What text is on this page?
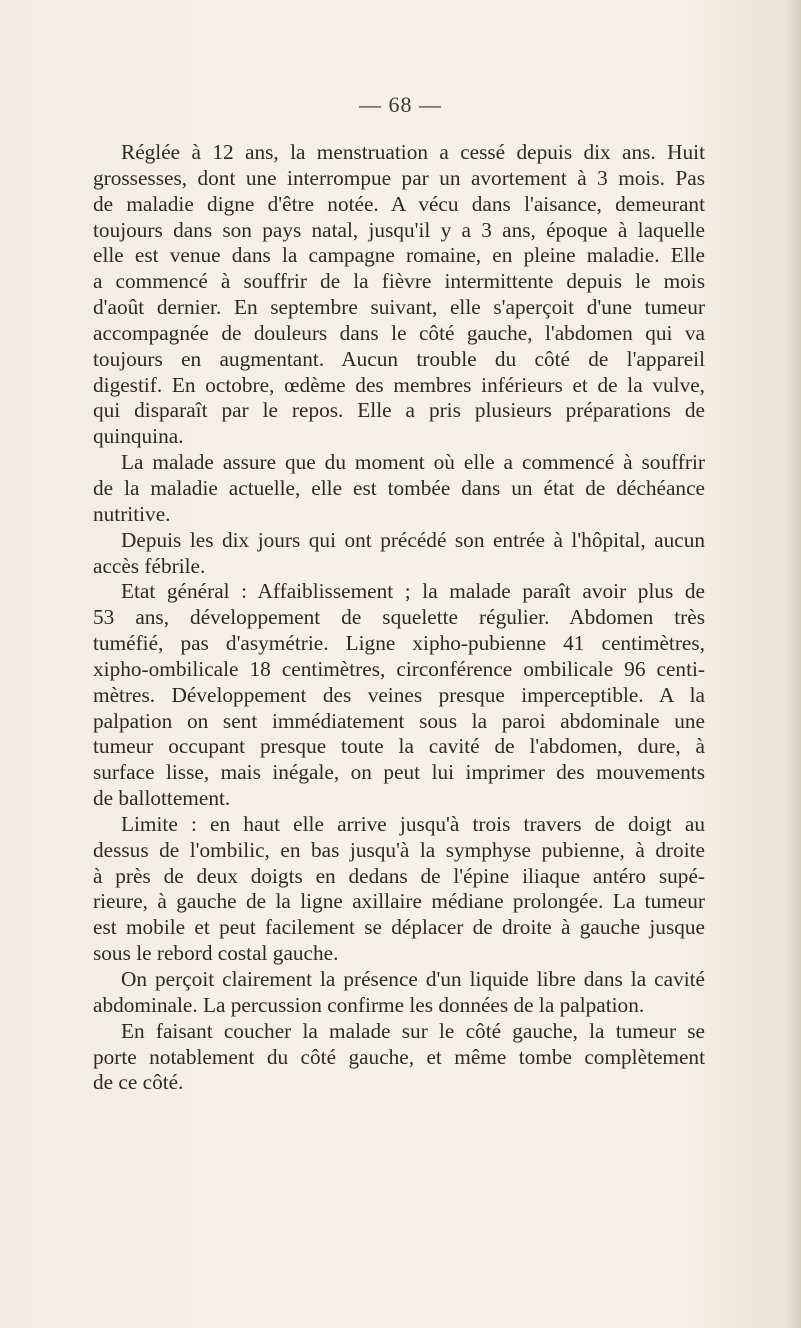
— 68 —

Réglée à 12 ans, la menstruation a cessé depuis dix ans. Huit
grossesses, dont une interrompue par un avortement à 3 mois. Pas
de maladie digne d'être notée. A vécu dans l'aisance, demeurant
toujours dans son pays natal, jusqu'il y a 3 ans, époque à laquelle
elle est venue dans la campagne romaine, en pleine maladie. Elle
a commencé à souffrir de la fièvre intermittente depuis le mois
d'août dernier. En septembre suivant, elle s'aperçoit d'une tumeur
accompagnée de douleurs dans le côté gauche, l'abdomen qui va
toujours en augmentant. Aucun trouble du côté de l'appareil
digestif. En octobre, œdème des membres inférieurs et de la vulve,
qui disparaît par le repos. Elle a pris plusieurs préparations de
quinquina.

La malade assure que du moment où elle a commencé à souffrir
de la maladie actuelle, elle est tombée dans un état de déchéance
nutritive.

Depuis les dix jours qui ont précédé son entrée à l'hôpital, aucun
accès fébrile.

Etat général : Affaiblissement ; la malade paraît avoir plus de
53 ans, développement de squelette régulier. Abdomen très
tuméfié, pas d'asymétrie. Ligne xipho-pubienne 41 centimètres,
xipho-ombilicale 18 centimètres, circonférence ombilicale 96 centi-
mètres. Développement des veines presque imperceptible. A la
palpation on sent immédiatement sous la paroi abdominale une
tumeur occupant presque toute la cavité de l'abdomen, dure, à
surface lisse, mais inégale, on peut lui imprimer des mouvements
de ballottement.

Limite : en haut elle arrive jusqu'à trois travers de doigt au
dessus de l'ombilic, en bas jusqu'à la symphyse pubienne, à droite
à près de deux doigts en dedans de l'épine iliaque antéro supé-
rieure, à gauche de la ligne axillaire médiane prolongée. La tumeur
est mobile et peut facilement se déplacer de droite à gauche jusque
sous le rebord costal gauche.

On perçoit clairement la présence d'un liquide libre dans la cavité
abdominale. La percussion confirme les données de la palpation.

En faisant coucher la malade sur le côté gauche, la tumeur se
porte notablement du côté gauche, et même tombe complètement
de ce côté.
